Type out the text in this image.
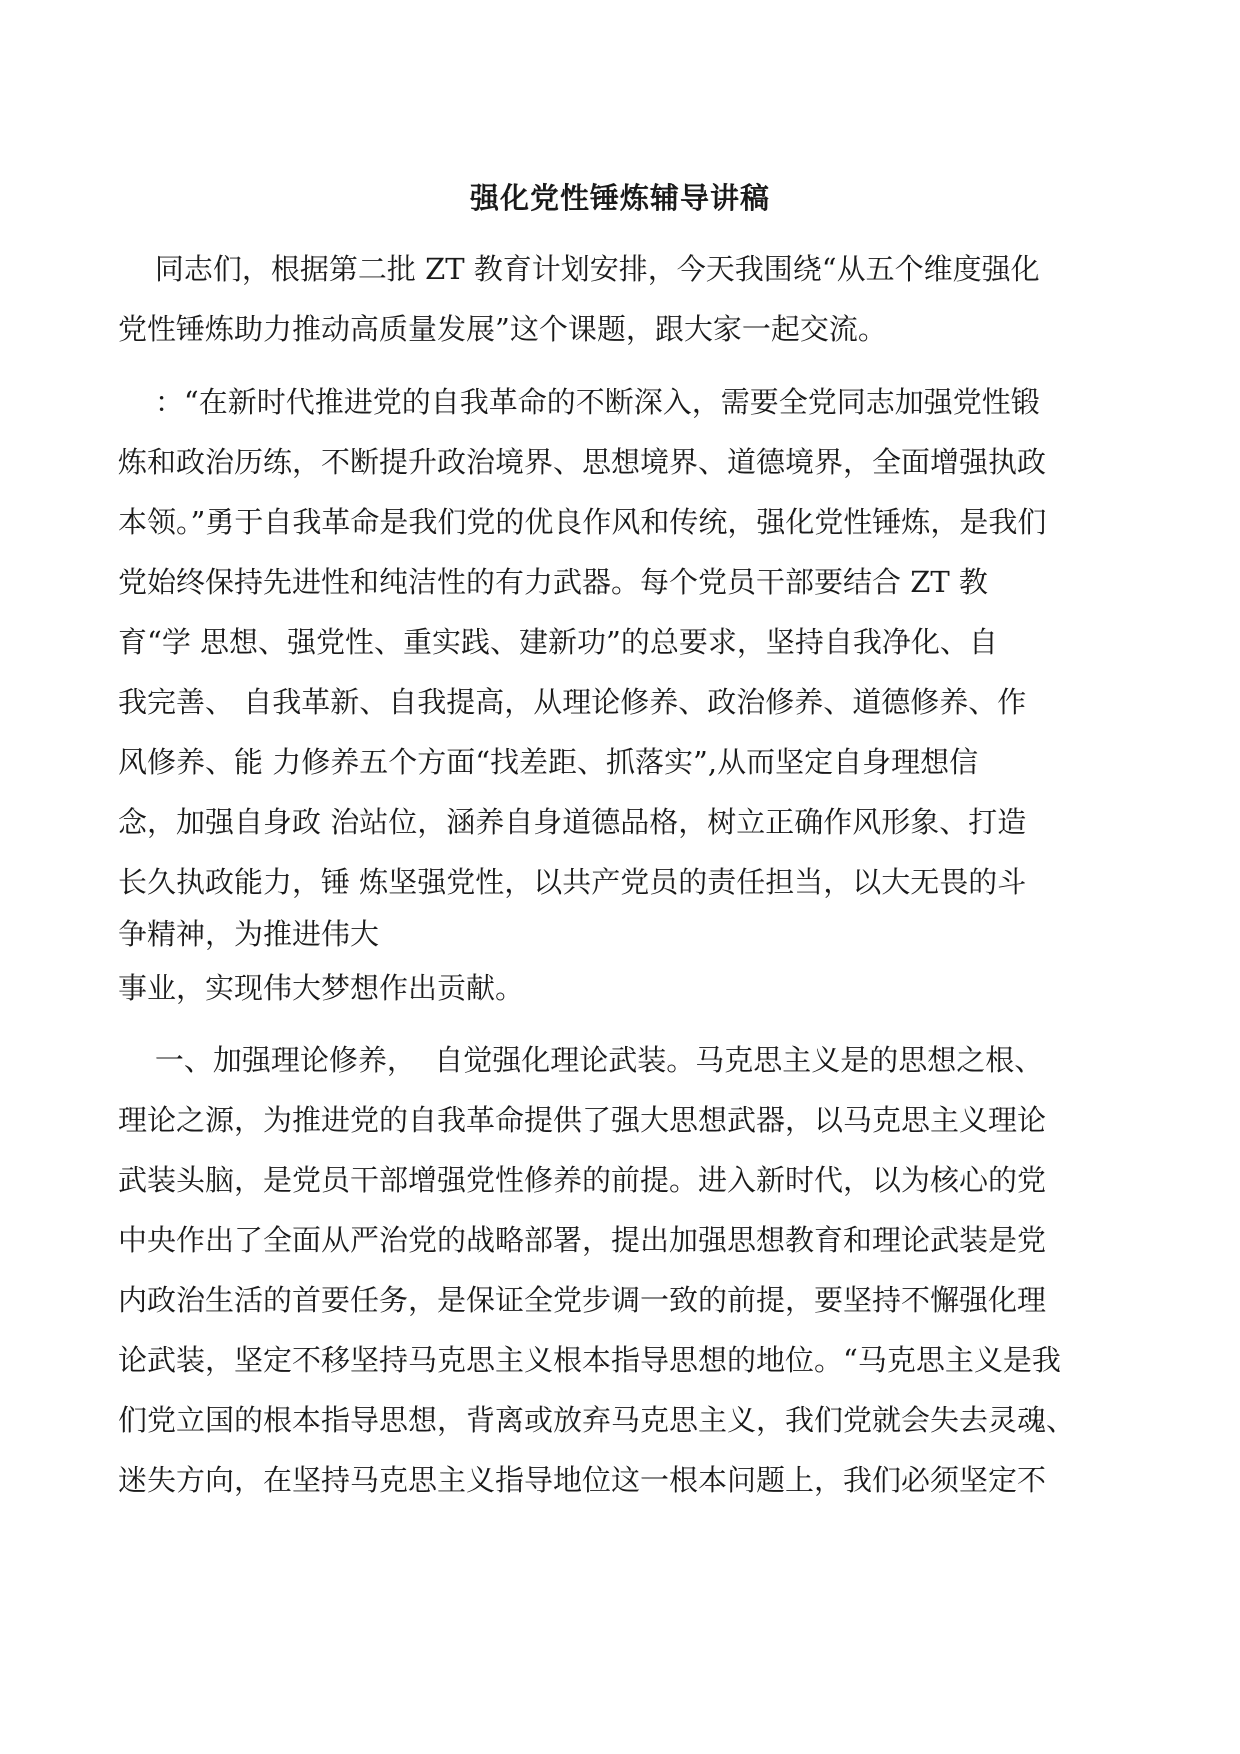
强化党性锤炼辅导讲稿

同志们，根据第二批 ZT 教育计划安排，今天我围绕“从五个维度强化

党性锤炼助力推动高质量发展”这个课题，跟大家一起交流。

：“在新时代推进党的自我革命的不断深入，需要全党同志加强党性锻

炼和政治历练，不断提升政治境界、思想境界、道德境界，全面增强执政

本领。”勇于自我革命是我们党的优良作风和传统，强化党性锤炼，是我们

党始终保持先进性和纯洁性的有力武器。每个党员干部要结合 ZT 教

育“学 思想、强党性、重实践、建新功”的总要求，坚持自我净化、自

我完善、 自我革新、自我提高，从理论修养、政治修养、道德修养、作

风修养、能 力修养五个方面“找差距、抓落实”,从而坚定自身理想信

念，加强自身政 治站位，涵养自身道德品格，树立正确作风形象、打造

长久执政能力，锤 炼坚强党性，以共产党员的责任担当，以大无畏的斗

争精神，为推进伟大

事业，实现伟大梦想作出贡献。

一、加强理论修养，  自觉强化理论武装。马克思主义是的思想之根、

理论之源，为推进党的自我革命提供了强大思想武器，以马克思主义理论

武装头脑，是党员干部增强党性修养的前提。进入新时代，以为核心的党

中央作出了全面从严治党的战略部署，提出加强思想教育和理论武装是党

内政治生活的首要任务，是保证全党步调一致的前提，要坚持不懈强化理

论武装，坚定不移坚持马克思主义根本指导思想的地位。“马克思主义是我

们党立国的根本指导思想，背离或放弃马克思主义，我们党就会失去灵魂、

迷失方向，在坚持马克思主义指导地位这一根本问题上，我们必须坚定不
